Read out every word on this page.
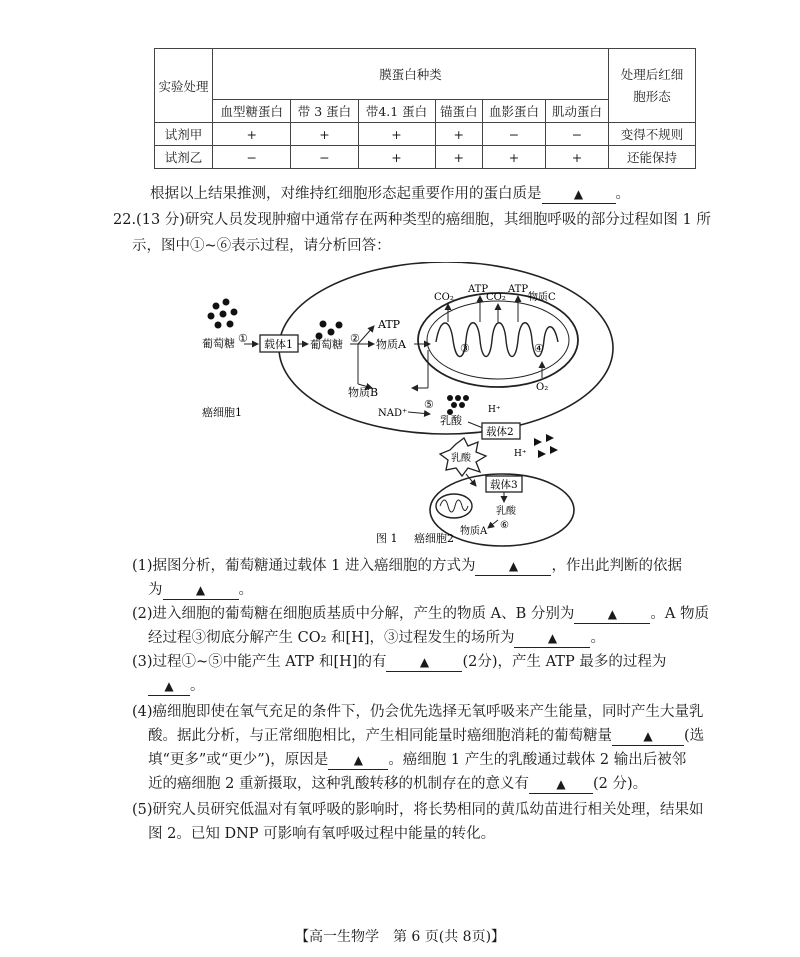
实验处理	膜蛋白种类						处理后红细胞形态
	血型糖蛋白	带 3 蛋白	带4.1 蛋白	锚蛋白	血影蛋白	肌动蛋白	
试剂甲	+	+	+	+	−	−	变得不规则
试剂乙	−	−	+	+	+	+	还能保持
根据以上结果推测，对维持红细胞形态起重要作用的蛋白质是	▲ 。
22.(13 分)研究人员发现肿瘤中通常存在两种类型的癌细胞，其细胞呼吸的部分过程如图 1 所
示，图中①~⑥表示过程，请分析回答：
葡萄糖 ① 载体1 葡萄糖 ②
ATP
物质A
物质B
③	④
CO₂
ATP
CO₂
ATP
物质C
O₂
⑤
NAD⁺
乳酸
H⁺
载体2
癌细胞1
H⁺
乳酸
载体3
乳酸
⑥
物质A
图 1 癌细胞2
(1)据图分析，葡萄糖通过载体 1 进入癌细胞的方式为	▲ ，作出此判断的依据
为	▲ 。
(2)进入细胞的葡萄糖在细胞质基质中分解，产生的物质 A、B 分别为	▲ 。A 物质
经过程③彻底分解产生 CO₂ 和[H]，③过程发生的场所为	▲ 。
(3)过程①~⑤中能产生 ATP 和[H]的有	▲ (2分)，产生 ATP 最多的过程为
▲ 。
(4)癌细胞即使在氧气充足的条件下，仍会优先选择无氧呼吸来产生能量，同时产生大量乳
酸。据此分析，与正常细胞相比，产生相同能量时癌细胞消耗的葡萄糖量	▲ (选
填“更多”或“更少”)，原因是 ▲ 。癌细胞 1 产生的乳酸通过载体 2 输出后被邻
近的癌细胞 2 重新摄取，这种乳酸转移的机制存在的意义有 ▲ (2 分)。
(5)研究人员研究低温对有氧呼吸的影响时，将长势相同的黄瓜幼苗进行相关处理，结果如
图 2。已知 DNP 可影响有氧呼吸过程中能量的转化。
【高一生物学　第 6 页(共 8页)】
